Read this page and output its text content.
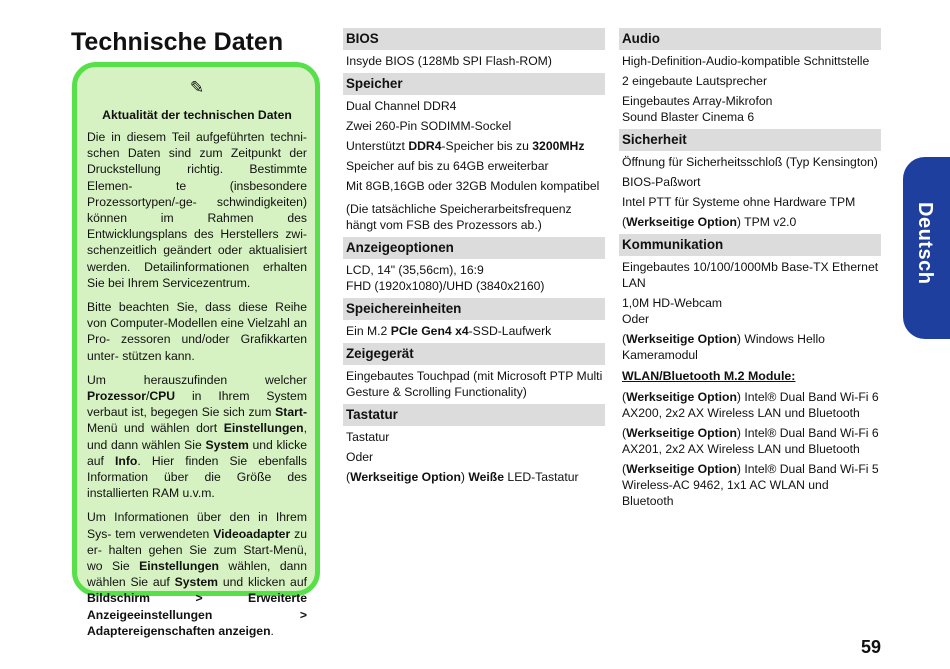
Technische Daten
✎
Aktualität der technischen Daten

Die in diesem Teil aufgeführten techni- schen Daten sind zum Zeitpunkt der Druckstellung richtig. Bestimmte Elemen- te (insbesondere Prozessortypen/-ge- schwindigkeiten) können im Rahmen des Entwicklungsplans des Herstellers zwi- schenzeitlich geändert oder aktualisiert werden. Detailinformationen erhalten Sie bei Ihrem Servicezentrum.

Bitte beachten Sie, dass diese Reihe von Computer-Modellen eine Vielzahl an Pro- zessoren und/oder Grafikkarten unter- stützen kann.

Um herauszufinden welcher Prozessor/CPU in Ihrem System verbaut ist, begegen Sie sich zum Start-Menü und wählen dort Einstellungen, und dann wählen Sie System und klicke auf Info. Hier finden Sie ebenfalls Information über die Größe des installierten RAM u.v.m.

Um Informationen über den in Ihrem Sys- tem verwendeten Videoadapter zu er- halten gehen Sie zum Start-Menü, wo Sie Einstellungen wählen, dann wählen Sie auf System und klicken auf Bildschirm > Erweiterte Anzeigeeinstellungen > Adaptereigenschaften anzeigen.

BIOS

Insyde BIOS (128Mb SPI Flash-ROM)

Speicher

Dual Channel DDR4

Zwei 260-Pin SODIMM-Sockel

Unterstützt DDR4-Speicher bis zu 3200MHz

Speicher auf bis zu 64GB erweiterbar

Mit 8GB,16GB oder 32GB Modulen kompatibel

(Die tatsächliche Speicherarbeitsfrequenz hängt vom FSB des Prozessors ab.)

Anzeigeoptionen

LCD, 14" (35,56cm), 16:9

FHD (1920x1080)/UHD (3840x2160)

Speichereinheiten

Ein M.2 PCIe Gen4 x4-SSD-Laufwerk

Zeigegerät

Eingebautes Touchpad (mit Microsoft PTP Multi Gesture & Scrolling Functionality)

Tastatur

Tastatur

Oder

(Werkseitige Option) Weiße LED-Tastatur

Audio

High-Definition-Audio-kompatible Schnittstelle

2 eingebaute Lautsprecher

Eingebautes Array-Mikrofon

Sound Blaster Cinema 6

Sicherheit

Öffnung für Sicherheitsschloß (Typ Kensington)

BIOS-Paßwort

Intel PTT für Systeme ohne Hardware TPM

(Werkseitige Option) TPM v2.0

Kommunikation

Eingebautes 10/100/1000Mb Base-TX Ethernet LAN

1,0M HD-Webcam

Oder

(Werkseitige Option) Windows Hello Kameramodul

WLAN/Bluetooth M.2 Module:

(Werkseitige Option) Intel® Dual Band Wi-Fi 6 AX200, 2x2 AX Wireless LAN und Bluetooth

(Werkseitige Option) Intel® Dual Band Wi-Fi 6 AX201, 2x2 AX Wireless LAN und Bluetooth

(Werkseitige Option) Intel® Dual Band Wi-Fi 5 Wireless-AC 9462, 1x1 AC WLAN und Bluetooth

Deutsch
59
